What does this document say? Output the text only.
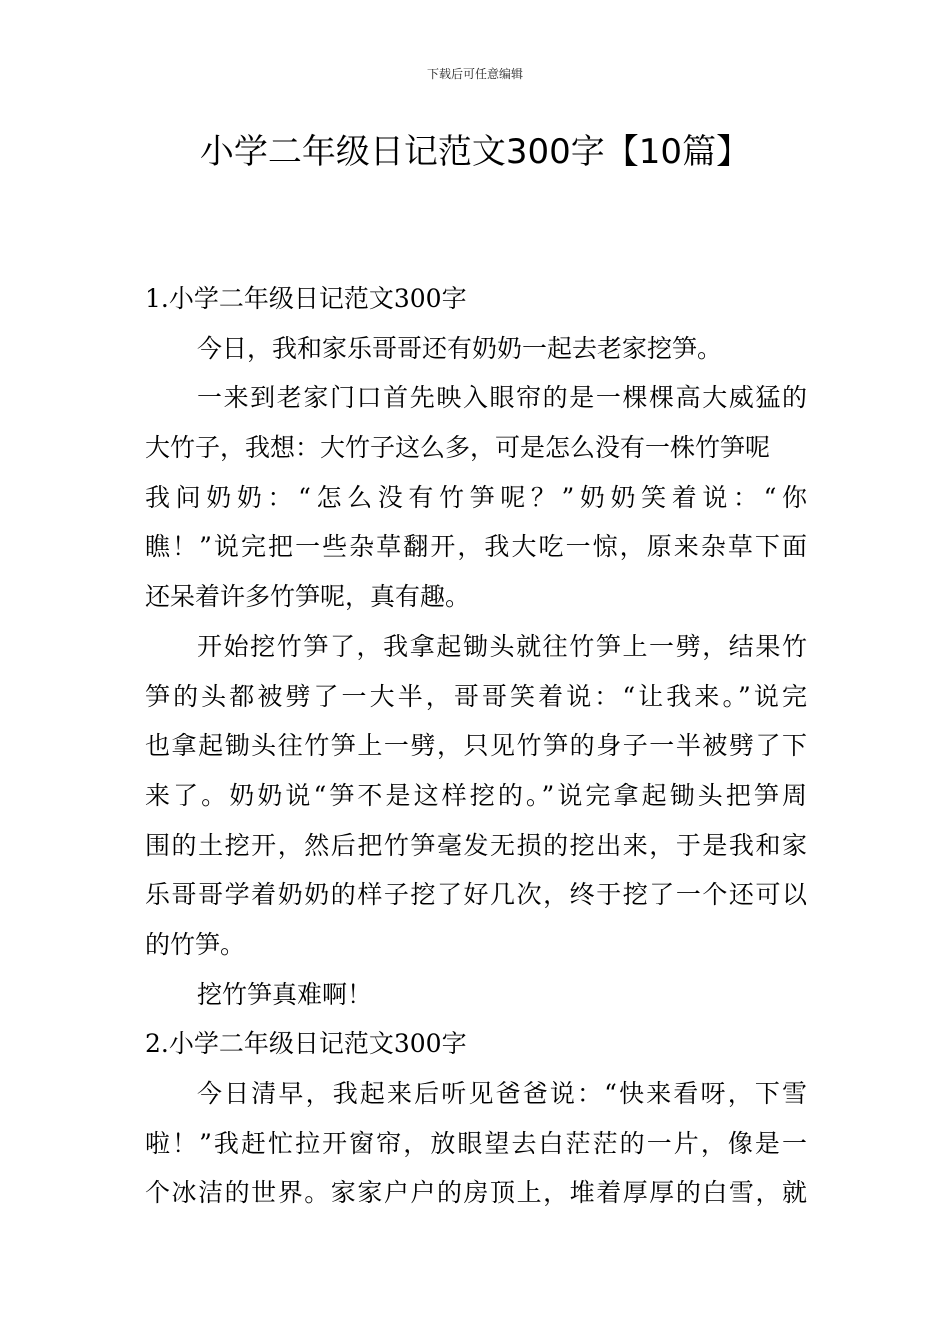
下载后可任意编辑
小学二年级日记范文300字【10篇】
1.小学二年级日记范文300字
今日，我和家乐哥哥还有奶奶一起去老家挖笋。
一来到老家门口首先映入眼帘的是一棵棵高大威猛的
大竹子，我想：大竹子这么多，可是怎么没有一株竹笋呢
我问奶奶：“怎么没有竹笋呢？”奶奶笑着说：“你
瞧！”说完把一些杂草翻开，我大吃一惊，原来杂草下面
还呆着许多竹笋呢，真有趣。
开始挖竹笋了，我拿起锄头就往竹笋上一劈，结果竹
笋的头都被劈了一大半，哥哥笑着说：“让我来。”说完
也拿起锄头往竹笋上一劈，只见竹笋的身子一半被劈了下
来了。奶奶说“笋不是这样挖的。”说完拿起锄头把笋周
围的土挖开，然后把竹笋毫发无损的挖出来，于是我和家
乐哥哥学着奶奶的样子挖了好几次，终于挖了一个还可以
的竹笋。
挖竹笋真难啊！
2.小学二年级日记范文300字
今日清早，我起来后听见爸爸说：“快来看呀，下雪
啦！”我赶忙拉开窗帘，放眼望去白茫茫的一片，像是一
个冰洁的世界。家家户户的房顶上，堆着厚厚的白雪，就
